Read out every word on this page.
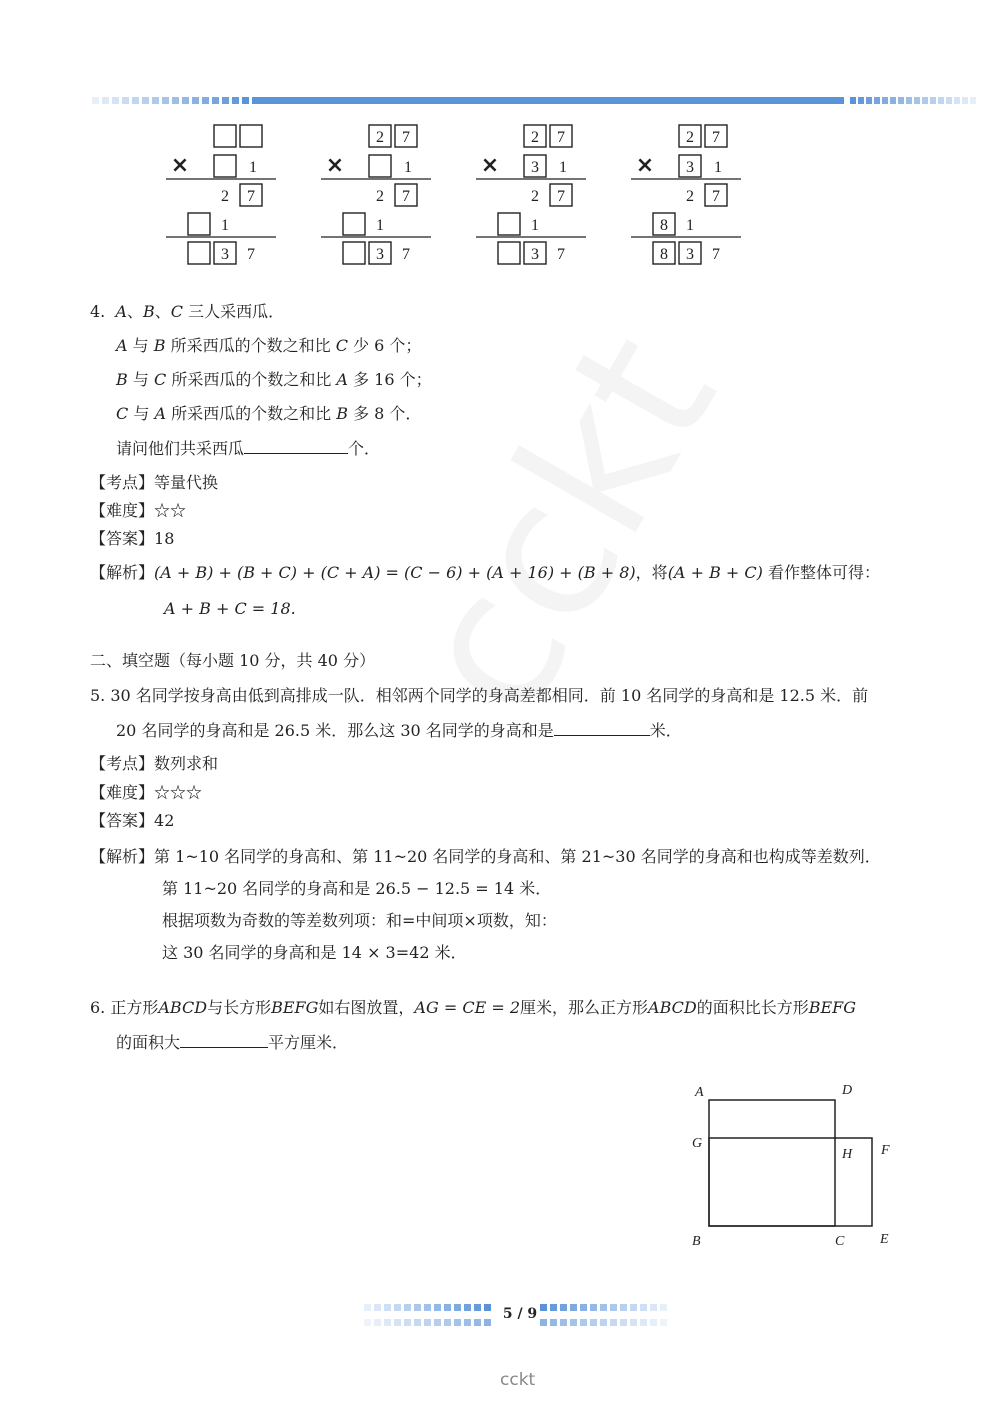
×	1
2 7
1
3 7
2 7
×	1
2 7
1
3 7
2 7
× 3 1
2 7
1
3 7
2 7
× 3 1
2 7
8 1
8 3 7
4. A、B、C 三人采西瓜．
A 与 B 所采西瓜的个数之和比 C 少 6 个；
B 与 C 所采西瓜的个数之和比 A 多 16 个；
C 与 A 所采西瓜的个数之和比 B 多 8 个．
请问他们共采西瓜	个．
【考点】等量代换
【难度】☆☆
【答案】18
【解析】(A + B) + (B + C) + (C + A) = (C − 6) + (A + 16) + (B + 8)，将(A + B + C) 看作整体可得：
A + B + C = 18.
二、填空题（每小题 10 分，共 40 分）
5. 30 名同学按身高由低到高排成一队．相邻两个同学的身高差都相同．前 10 名同学的身高和是 12.5 米．前
20 名同学的身高和是 26.5 米．那么这 30 名同学的身高和是	米．
【考点】数列求和
【难度】☆☆☆
【答案】42
【解析】第 1~10 名同学的身高和、第 11~20 名同学的身高和、第 21~30 名同学的身高和也构成等差数列．
第 11~20 名同学的身高和是 26.5 − 12.5 = 14 米．
根据项数为奇数的等差数列项：和=中间项×项数，知：
这 30 名同学的身高和是 14 × 3=42 米．
6. 正方形ABCD与长方形BEFG如右图放置，AG = CE = 2厘米，那么正方形ABCD的面积比长方形BEFG
的面积大	平方厘米．
A	D
G
H F
B	C	E
5 / 9
cckt
